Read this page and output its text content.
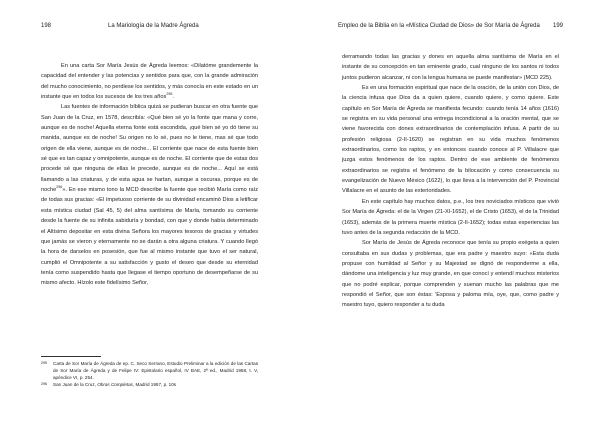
198	La Mariología de la Madre Ágreda

En una carta Sor María Jesús de Ágreda leemos: «Dilatóme grandemente la capacidad del entender y las potencias y sentidos para que, con la grande admiración del mucho conocimiento, no perdiese los sentidos, y más conocía en este estado en un instante que en todos los sucesos de los tres años$^{295}$.

Las fuentes de información bíblica quizá se pudieran buscar en otra fuente que San Juan de la Cruz, en 1578, describía: «Qué bien sé yo la fonte que mana y corre, aunque es de noche! Aquella eterna fonte está escondida, ¡qué bien sé yo dó tiene su manida, aunque es de noche! Su origen no lo sé, pues no le tiene, mas sé que todo origen de ella viene, aunque es de noche... El corriente que nace de esta fuente bien sé que es tan capaz y omnipotente, aunque es de noche. El corriente que de estas dos procede sé que ninguna de ellas le precede, aunque es de noche... Aquí se está llamando a las criaturas, y de esta agua se hartan, aunque a oscuras, porque es de noche$^{296}$». En ese mismo tono la MCD describe la fuente que recibió María como raíz de todas sus gracias: «El ímpetuoso corriente de su divinidad encaminó Dios a letificar esta mística ciudad (Sal 45, 5) del alma santísima de María, tomando su corriente desde la fuente de su infinita sabiduría y bondad, con que y donde había determinado el Altísimo depositar en esta divina Señora los mayores tesoros de gracias y virtudes que jamás se vieron y eternamente no se darán a otra alguna criatura. Y cuando llegó la hora de darselos en posesión, que fue al mismo instante que tuvo el ser natural, cumplió el Omnipotente a su satisfacción y gusto el deseo que desde su eternidad tenía como suspendido hasta que llegase el tiempo oportuno de desempeñarse de su mismo afecto. Hízolo este fidelísimo Señor,

295	Carta de Sor María de Ágreda de ep. C. Seco Serrano, Estudio Preliminar a la edición de las Cartas de Sor María de Ágreda y de Felipe IV: Epistolario español, IV BAE, 2ª ed., Madrid 1958, t. V, apéndice VI, p. 254.
296	San Juan de la Cruz, Obras Completas, Madrid 1957, p. 10s
Empleo de la Biblia en la «Mística Ciudad de Dios» de Sor María de Ágreda 199

derramando todas las gracias y dones en aquella alma santísima de María en el instante de su concepción en tan eminente grado, cual ninguno de los santos ni todos juntos pudieron alcanzar, ni con la lengua humana se puede manifestar» (MCD 225).

Es en una formación espiritual que nace de la oración, de la unión con Dios, de la ciencia infusa que Dios da a quien quiere, cuando quiere, y como quiere. Este capítulo en Sor María de Ágreda se manifiesta fecundo: cuando tenía 14 años (1616) se registra en su vida personal una entrega incondicional a la oración mental, que se viene favorecida con dones extraordinarios de contemplación infusa. A partir de su profesión religiosa (2-II-1620) se registran en su vida muchos fenómenos extraordinarios, como los raptos, y en entonces cuando conoce al P. Villalacre que juzga estos fenómenos de los raptos. Dentro de ese ambiente de fenómenos extraordinarios se registra el fenómeno de la bilocación y como consecuencia su evangelización de Nuevo México (1622), lo que lleva a la intervención del P. Provincial Villalacre en el asunto de las exterioridades.

En este capítulo hay muchos datos, p.e., los tres noviciados místicos que vivió Sor María de Ágreda: el de la Virgen (21-XI-1652), el de Cristo (1653), el de la Trinidad (1653), además de la primera muerte mística (2-II-1652); todas estas experiencias las tuvo antes de la segunda redacción de la MCD.

Sor María de Jesús de Ágreda reconoce que tenía su propio exégeta a quien consultaba en sus dudas y problemas, que era padre y maestro suyo: «Esta duda propuse con humildad al Señor y su Majestad se dignó de responderme a ella, dándome una inteligencia y luz muy grande, en que conocí y entendí muchos misterios que no podré explicar, porque comprenden y suenan mucho las palabras que me respondió el Señor, que son éstas: 'Esposa y paloma mía, oye, que, como padre y maestro tuyo, quiero responder a tu duda
